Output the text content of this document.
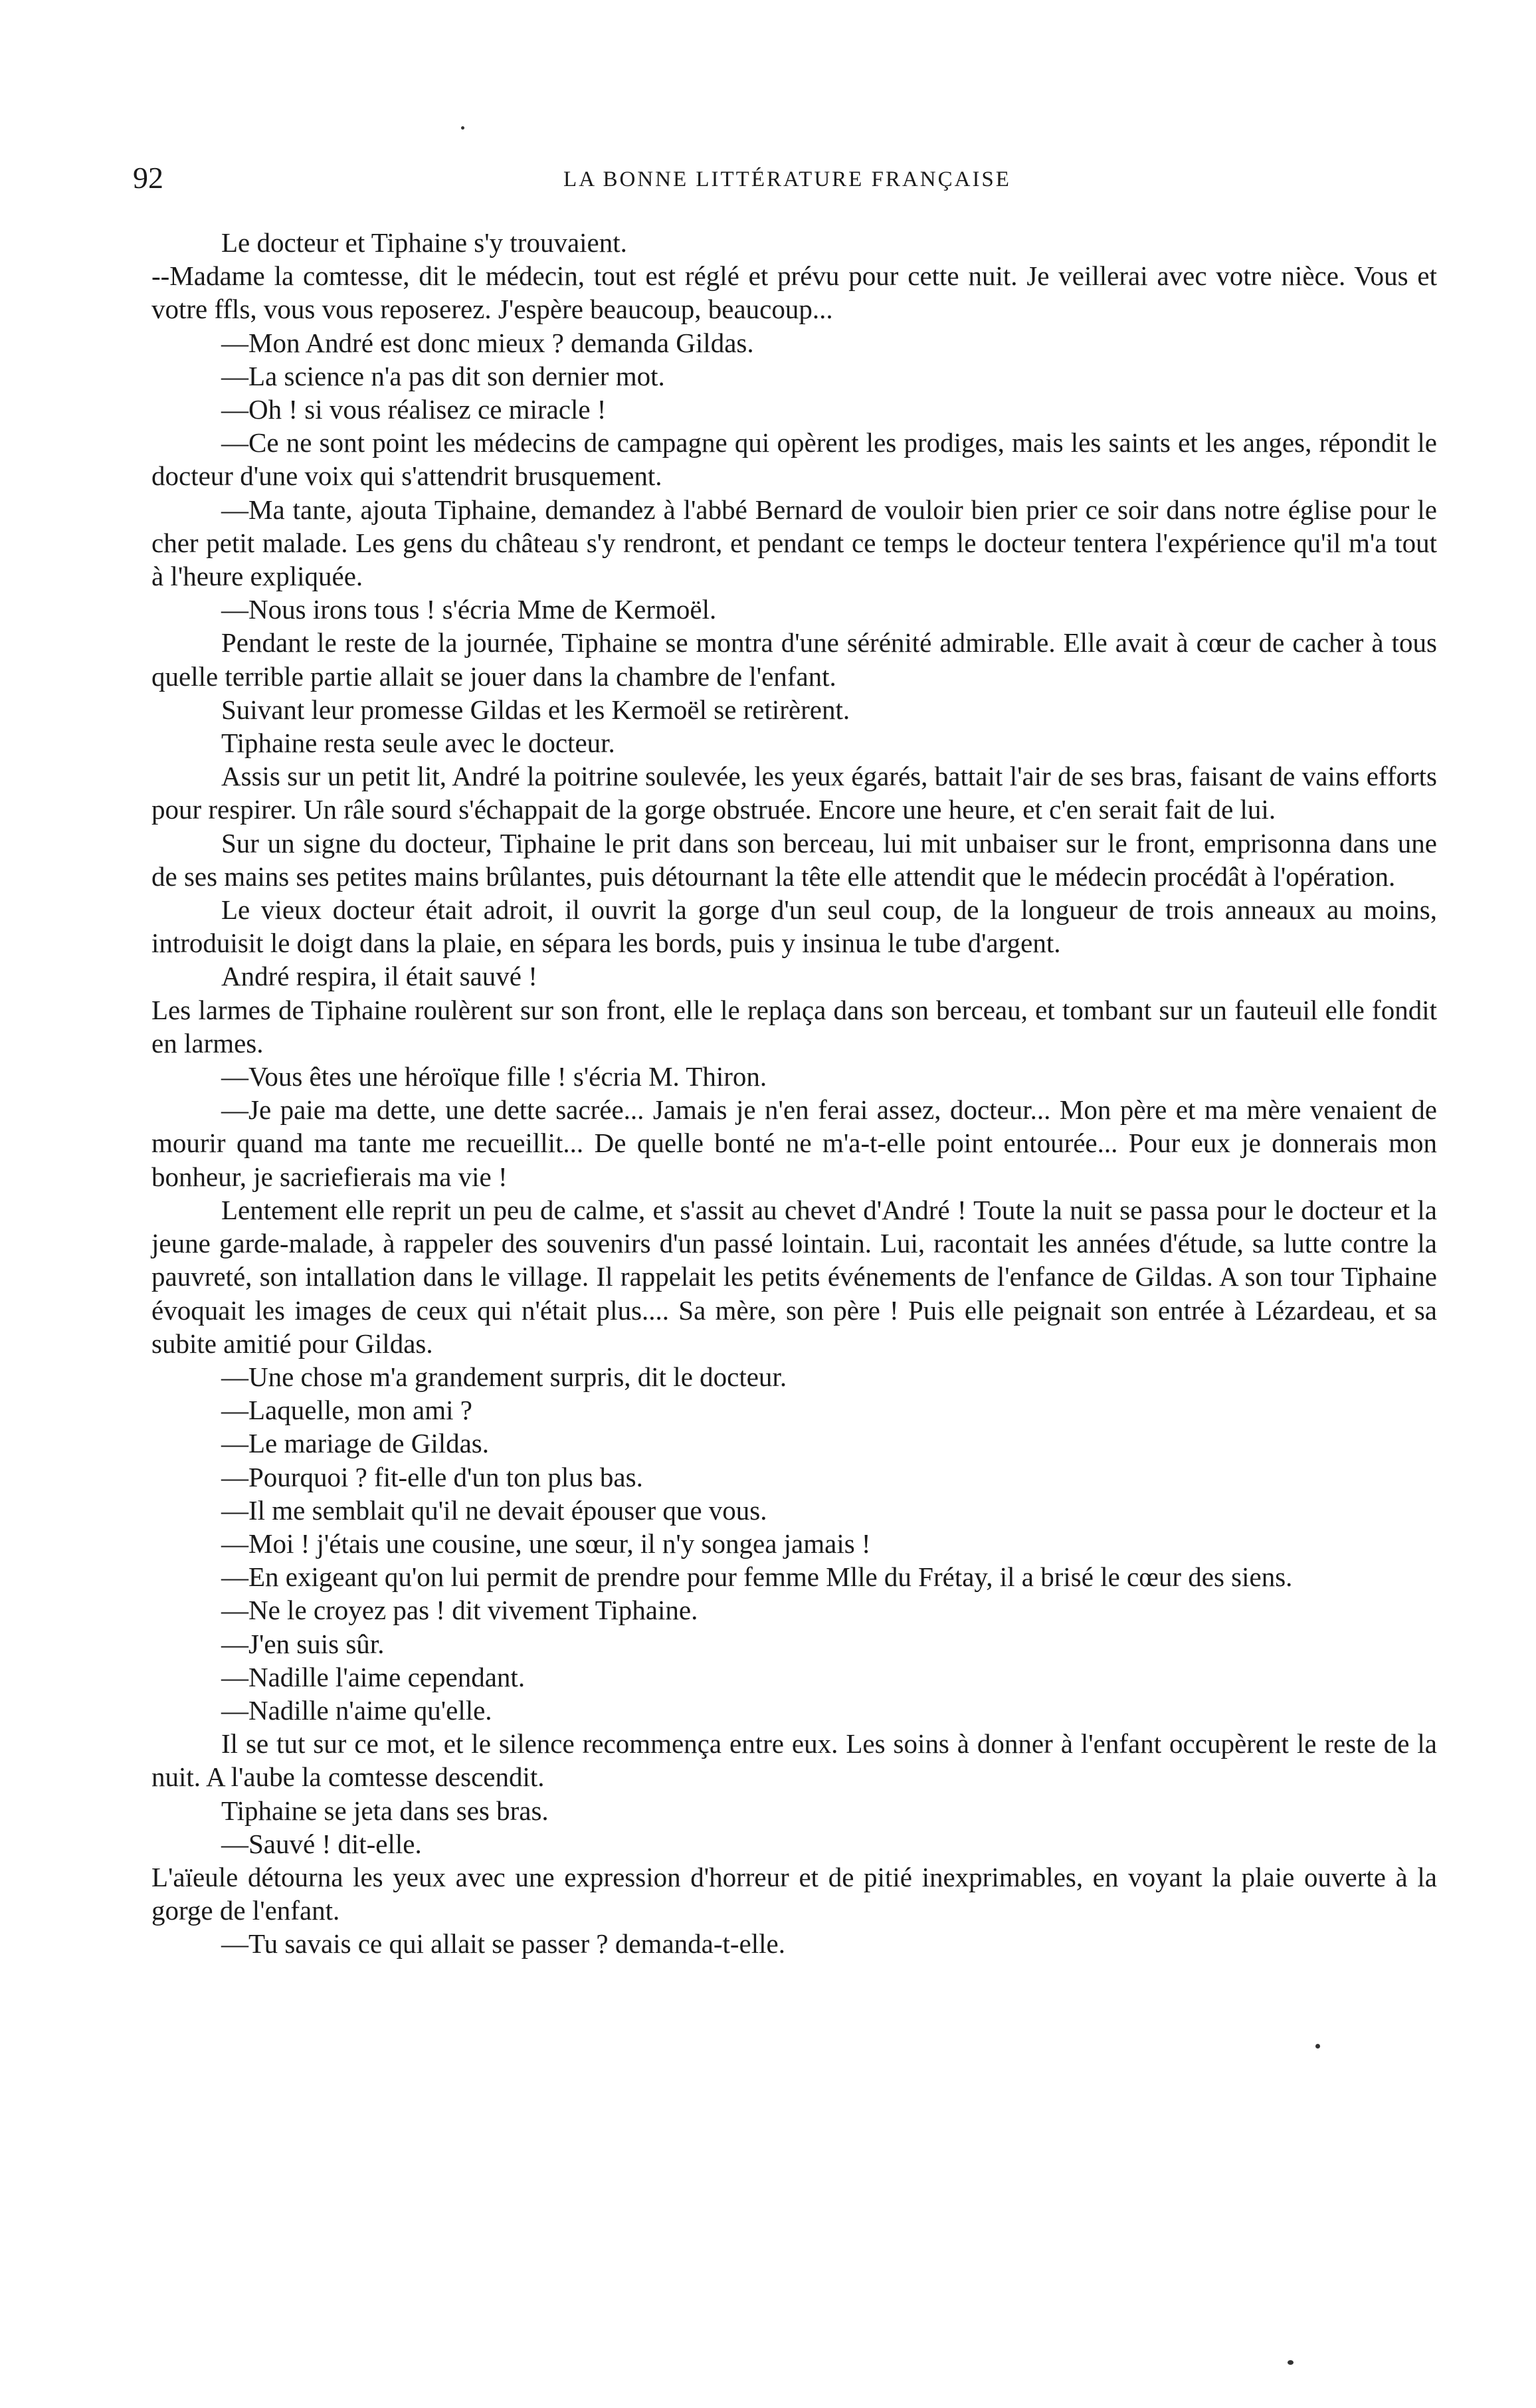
92	LA BONNE LITTÉRATURE FRANÇAISE

Le docteur et Tiphaine s'y trouvaient.

--Madame la comtesse, dit le médecin, tout est réglé et prévu pour cette nuit. Je veillerai avec votre nièce. Vous et votre ffls, vous vous reposerez. J'espère beaucoup, beaucoup...

—Mon André est donc mieux ? demanda Gildas.

—La science n'a pas dit son dernier mot.

—Oh ! si vous réalisez ce miracle !

—Ce ne sont point les médecins de campagne qui opèrent les prodiges, mais les saints et les anges, répondit le docteur d'une voix qui s'attendrit brusquement.

—Ma tante, ajouta Tiphaine, demandez à l'abbé Bernard de vouloir bien prier ce soir dans notre église pour le cher petit malade. Les gens du château s'y rendront, et pendant ce temps le docteur tentera l'expérience qu'il m'a tout à l'heure expliquée.

—Nous irons tous ! s'écria Mme de Kermoël.

Pendant le reste de la journée, Tiphaine se montra d'une sérénité admirable. Elle avait à cœur de cacher à tous quelle terrible partie allait se jouer dans la chambre de l'enfant.

Suivant leur promesse Gildas et les Kermoël se retirèrent.

Tiphaine resta seule avec le docteur.

Assis sur un petit lit, André la poitrine soulevée, les yeux égarés, battait l'air de ses bras, faisant de vains efforts pour respirer. Un râle sourd s'échappait de la gorge obstruée. Encore une heure, et c'en serait fait de lui.

Sur un signe du docteur, Tiphaine le prit dans son berceau, lui mit unbaiser sur le front, emprisonna dans une de ses mains ses petites mains brûlantes, puis détournant la tête elle attendit que le médecin procédât à l'opération.

Le vieux docteur était adroit, il ouvrit la gorge d'un seul coup, de la longueur de trois anneaux au moins, introduisit le doigt dans la plaie, en sépara les bords, puis y insinua le tube d'argent.

André respira, il était sauvé !

Les larmes de Tiphaine roulèrent sur son front, elle le replaça dans son berceau, et tombant sur un fauteuil elle fondit en larmes.

—Vous êtes une héroïque fille ! s'écria M. Thiron.

—Je paie ma dette, une dette sacrée... Jamais je n'en ferai assez, docteur... Mon père et ma mère venaient de mourir quand ma tante me recueillit... De quelle bonté ne m'a-t-elle point entourée... Pour eux je donnerais mon bonheur, je sacriefierais ma vie !

Lentement elle reprit un peu de calme, et s'assit au chevet d'André ! Toute la nuit se passa pour le docteur et la jeune garde-malade, à rappeler des souvenirs d'un passé lointain. Lui, racontait les années d'étude, sa lutte contre la pauvreté, son intallation dans le village. Il rappelait les petits événements de l'enfance de Gildas. A son tour Tiphaine évoquait les images de ceux qui n'était plus.... Sa mère, son père ! Puis elle peignait son entrée à Lézardeau, et sa subite amitié pour Gildas.

—Une chose m'a grandement surpris, dit le docteur.

—Laquelle, mon ami ?

—Le mariage de Gildas.

—Pourquoi ? fit-elle d'un ton plus bas.

—Il me semblait qu'il ne devait épouser que vous.

—Moi ! j'étais une cousine, une sœur, il n'y songea jamais !

—En exigeant qu'on lui permit de prendre pour femme Mlle du Frétay, il a brisé le cœur des siens.

—Ne le croyez pas ! dit vivement Tiphaine.

—J'en suis sûr.

—Nadille l'aime cependant.

—Nadille n'aime qu'elle.

Il se tut sur ce mot, et le silence recommença entre eux. Les soins à donner à l'enfant occupèrent le reste de la nuit. A l'aube la comtesse descendit.

Tiphaine se jeta dans ses bras.

—Sauvé ! dit-elle.

L'aïeule détourna les yeux avec une expression d'horreur et de pitié inexprimables, en voyant la plaie ouverte à la gorge de l'enfant.

—Tu savais ce qui allait se passer ? demanda-t-elle.
